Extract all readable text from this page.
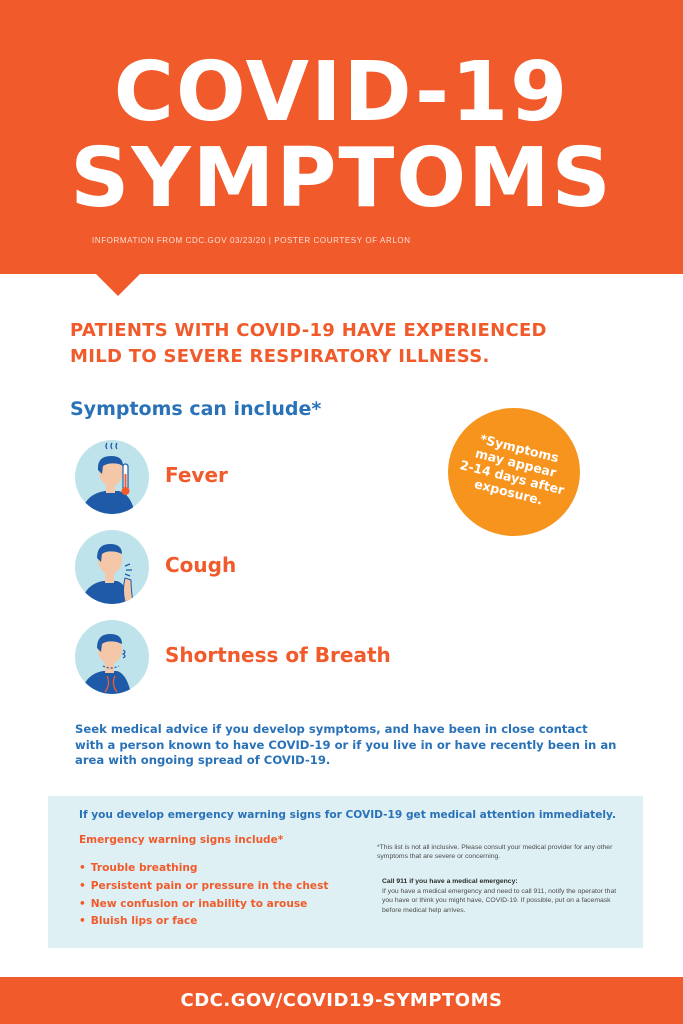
COVID-19
SYMPTOMS
INFORMATION FROM CDC.GOV 03/23/20 | POSTER COURTESY OF ARLON
PATIENTS WITH COVID-19 HAVE EXPERIENCED
MILD TO SEVERE RESPIRATORY ILLNESS.
Symptoms can include*
Fever
Cough
Shortness of Breath
*Symptoms
may appear
2-14 days after
exposure.
Seek medical advice if you develop symptoms, and have been in close contact with a person known to have COVID-19 or if you live in or have recently been in an area with ongoing spread of COVID-19.
If you develop emergency warning signs for COVID-19 get medical attention immediately.
Emergency warning signs include*
• Trouble breathing
• Persistent pain or pressure in the chest
• New confusion or inability to arouse
• Bluish lips or face
*This list is not all inclusive. Please consult your medical provider for any other symptoms that are severe or concerning.
Call 911 if you have a medical emergency:
If you have a medical emergency and need to call 911, notify the operator that you have or think you might have, COVID-19. If possible, put on a facemask before medical help arrives.
CDC.GOV/COVID19-SYMPTOMS
